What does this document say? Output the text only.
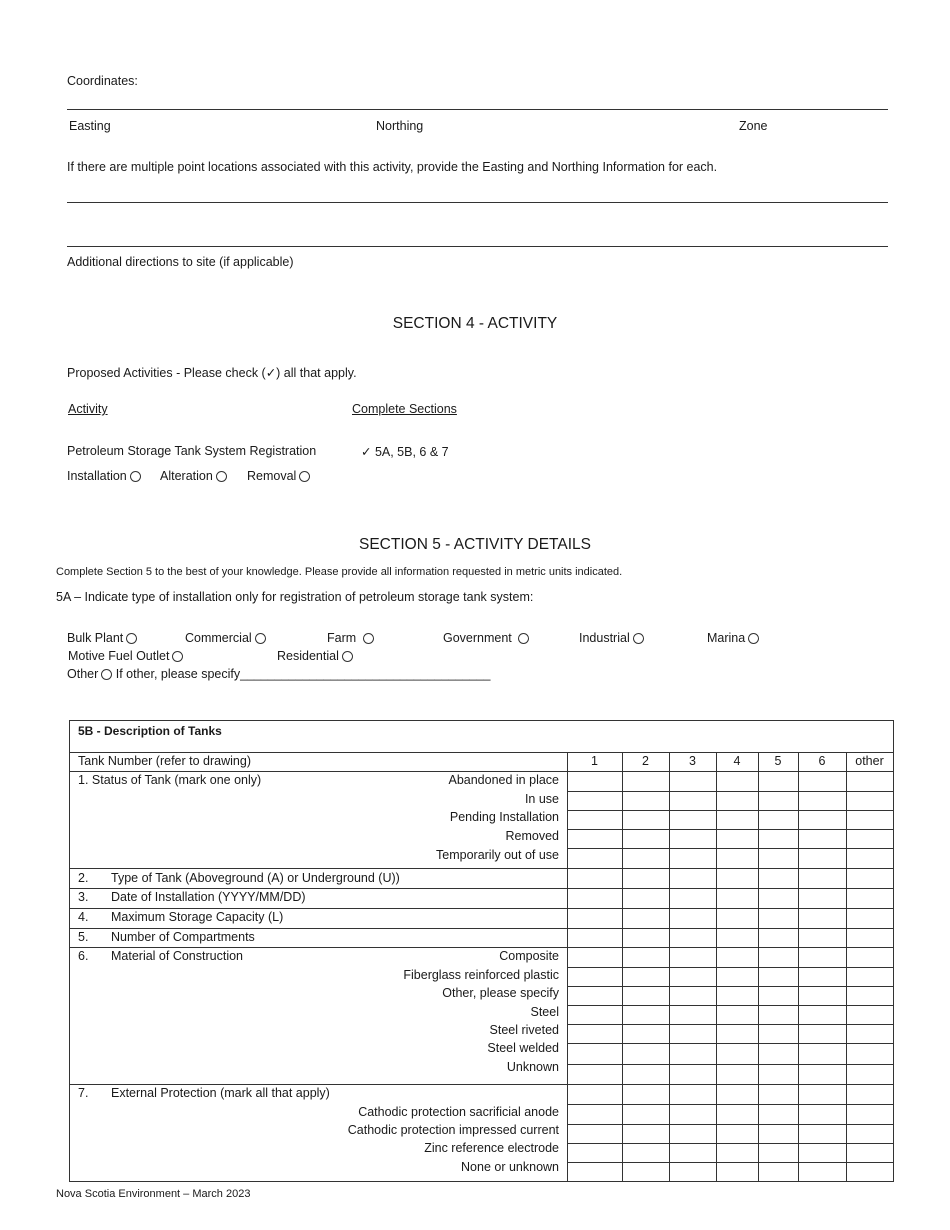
Coordinates:
Easting	Northing	Zone
If there are multiple point locations associated with this activity, provide the Easting and Northing Information for each.
Additional directions to site (if applicable)
SECTION 4 - ACTIVITY
Proposed Activities - Please check (✓) all that apply.
Activity	Complete Sections
Petroleum Storage Tank System Registration	✓ 5A, 5B, 6 & 7
Installation	Alteration	Removal
SECTION 5 - ACTIVITY DETAILS
Complete Section 5 to the best of your knowledge. Please provide all information requested in metric units indicated.
5A – Indicate type of installation only for registration of petroleum storage tank system:
Bulk Plant	Commercial	Farm	Government	Industrial	Marina
Motive Fuel Outlet	Residential
Other If other, please specify____________________________________
5B - Description of Tanks
Tank Number (refer to drawing)	1	2	3	4	5	6	other
1. Status of Tank (mark one only)	Abandoned in place
In use
Pending Installation
Removed
Temporarily out of use
2. Type of Tank (Aboveground (A) or Underground (U))
3. Date of Installation (YYYY/MM/DD)
4. Maximum Storage Capacity (L)
5. Number of Compartments
6. Material of Construction	Composite
Fiberglass reinforced plastic
Other, please specify
Steel
Steel riveted
Steel welded
Unknown
7. External Protection (mark all that apply)
Cathodic protection sacrificial anode
Cathodic protection impressed current
Zinc reference electrode
None or unknown
Nova Scotia Environment – March 2023
